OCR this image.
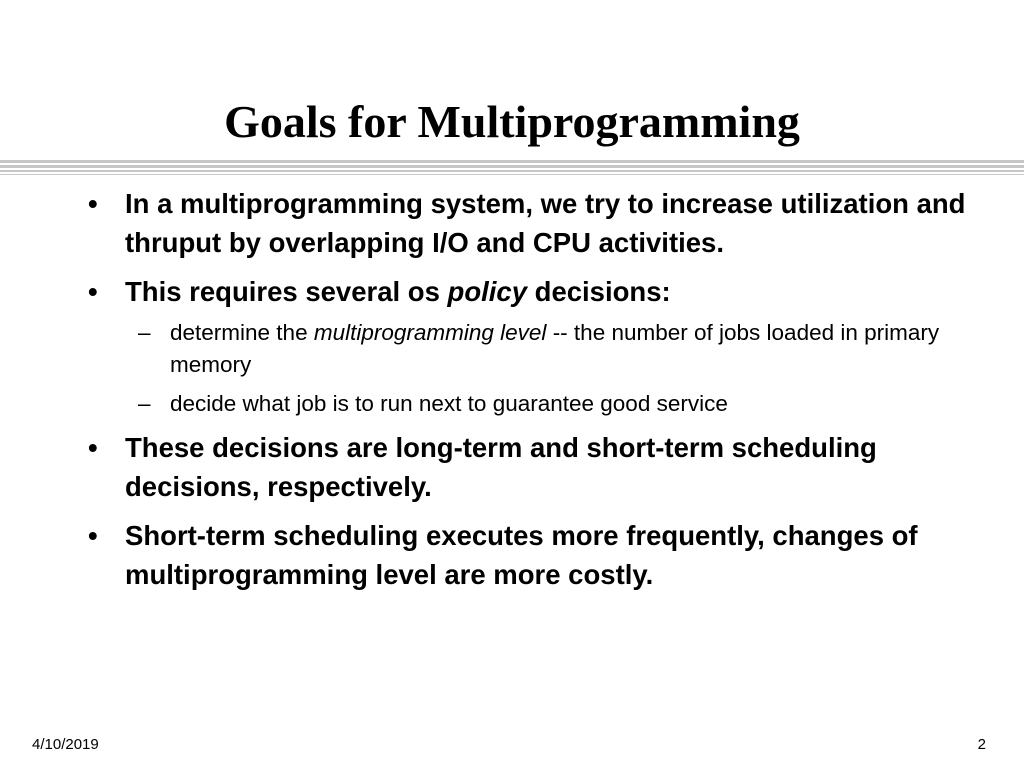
Goals for Multiprogramming
• In a multiprogramming system, we try to increase utilization and thruput by overlapping I/O and CPU activities.
• This requires several os policy decisions:
– determine the multiprogramming level -- the number of jobs loaded in primary memory
– decide what job is to run next to guarantee good service
• These decisions are long-term and short-term scheduling decisions, respectively.
• Short-term scheduling executes more frequently, changes of multiprogramming level are more costly.
4/10/2019	2
